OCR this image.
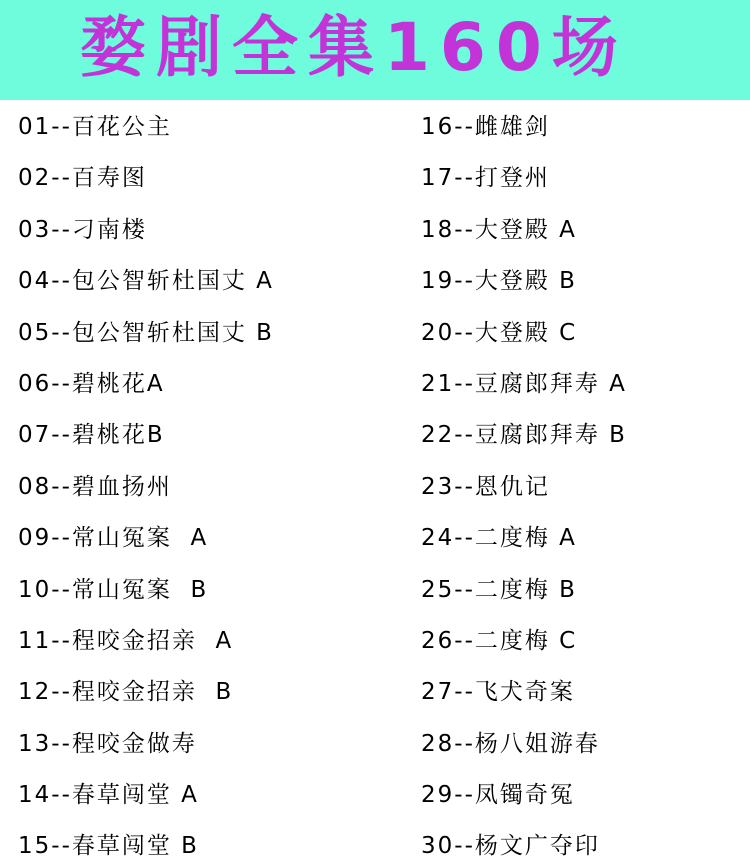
婺剧全集160场
01--百花公主
02--百寿图
03--刁南楼
04--包公智斩杜国丈 A
05--包公智斩杜国丈 B
06--碧桃花A
07--碧桃花B
08--碧血扬州
09--常山冤案  A
10--常山冤案  B
11--程咬金招亲  A
12--程咬金招亲  B
13--程咬金做寿
14--春草闯堂 A
15--春草闯堂 B
16--雌雄剑
17--打登州
18--大登殿 A
19--大登殿 B
20--大登殿 C
21--豆腐郎拜寿 A
22--豆腐郎拜寿 B
23--恩仇记
24--二度梅 A
25--二度梅 B
26--二度梅 C
27--飞犬奇案
28--杨八姐游春
29--凤镯奇冤
30--杨文广夺印
